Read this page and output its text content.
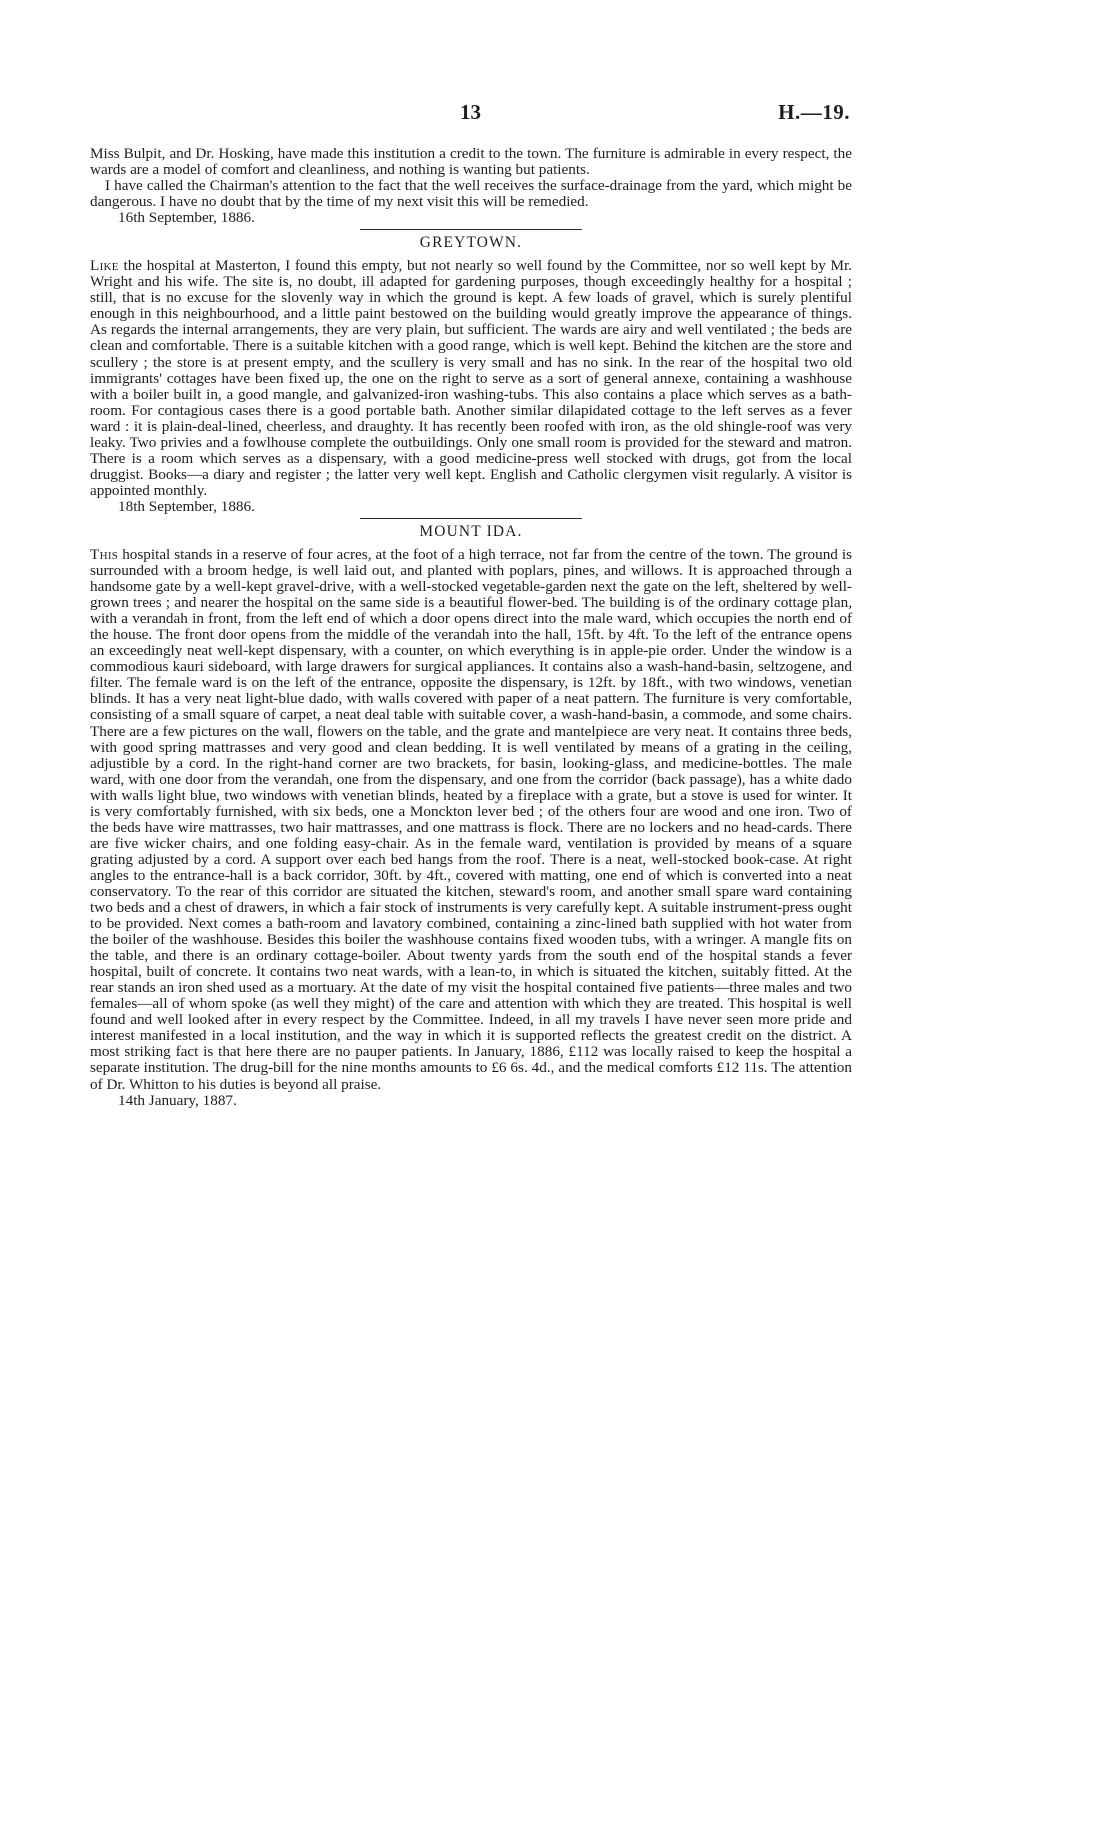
13	H.—19.

Miss Bulpit, and Dr. Hosking, have made this institution a credit to the town. The furniture is admirable in every respect, the wards are a model of comfort and cleanliness, and nothing is wanting but patients.

I have called the Chairman's attention to the fact that the well receives the surface-drainage from the yard, which might be dangerous. I have no doubt that by the time of my next visit this will be remedied.

16th September, 1886.
GREYTOWN.

Like the hospital at Masterton, I found this empty, but not nearly so well found by the Committee, nor so well kept by Mr. Wright and his wife. The site is, no doubt, ill adapted for gardening purposes, though exceedingly healthy for a hospital ; still, that is no excuse for the slovenly way in which the ground is kept. A few loads of gravel, which is surely plentiful enough in this neighbourhood, and a little paint bestowed on the building would greatly improve the appearance of things. As regards the internal arrangements, they are very plain, but sufficient. The wards are airy and well ventilated ; the beds are clean and comfortable. There is a suitable kitchen with a good range, which is well kept. Behind the kitchen are the store and scullery ; the store is at present empty, and the scullery is very small and has no sink. In the rear of the hospital two old immigrants' cottages have been fixed up, the one on the right to serve as a sort of general annexe, containing a washhouse with a boiler built in, a good mangle, and galvanized-iron washing-tubs. This also contains a place which serves as a bath-room. For contagious cases there is a good portable bath. Another similar dilapidated cottage to the left serves as a fever ward : it is plain-deal-lined, cheerless, and draughty. It has recently been roofed with iron, as the old shingle-roof was very leaky. Two privies and a fowlhouse complete the outbuildings. Only one small room is provided for the steward and matron. There is a room which serves as a dispensary, with a good medicine-press well stocked with drugs, got from the local druggist. Books—a diary and register ; the latter very well kept. English and Catholic clergymen visit regularly. A visitor is appointed monthly.

18th September, 1886.
MOUNT IDA.

This hospital stands in a reserve of four acres, at the foot of a high terrace, not far from the centre of the town. The ground is surrounded with a broom hedge, is well laid out, and planted with poplars, pines, and willows. It is approached through a handsome gate by a well-kept gravel-drive, with a well-stocked vegetable-garden next the gate on the left, sheltered by well-grown trees ; and nearer the hospital on the same side is a beautiful flower-bed. The building is of the ordinary cottage plan, with a verandah in front, from the left end of which a door opens direct into the male ward, which occupies the north end of the house. The front door opens from the middle of the verandah into the hall, 15ft. by 4ft. To the left of the entrance opens an exceedingly neat well-kept dispensary, with a counter, on which everything is in apple-pie order. Under the window is a commodious kauri sideboard, with large drawers for surgical appliances. It contains also a wash-hand-basin, seltzogene, and filter. The female ward is on the left of the entrance, opposite the dispensary, is 12ft. by 18ft., with two windows, venetian blinds. It has a very neat light-blue dado, with walls covered with paper of a neat pattern. The furniture is very comfortable, consisting of a small square of carpet, a neat deal table with suitable cover, a wash-hand-basin, a commode, and some chairs. There are a few pictures on the wall, flowers on the table, and the grate and mantelpiece are very neat. It contains three beds, with good spring mattrasses and very good and clean bedding. It is well ventilated by means of a grating in the ceiling, adjustible by a cord. In the right-hand corner are two brackets, for basin, looking-glass, and medicine-bottles. The male ward, with one door from the verandah, one from the dispensary, and one from the corridor (back passage), has a white dado with walls light blue, two windows with venetian blinds, heated by a fireplace with a grate, but a stove is used for winter. It is very comfortably furnished, with six beds, one a Monckton lever bed ; of the others four are wood and one iron. Two of the beds have wire mattrasses, two hair mattrasses, and one mattrass is flock. There are no lockers and no head-cards. There are five wicker chairs, and one folding easy-chair. As in the female ward, ventilation is provided by means of a square grating adjusted by a cord. A support over each bed hangs from the roof. There is a neat, well-stocked book-case. At right angles to the entrance-hall is a back corridor, 30ft. by 4ft., covered with matting, one end of which is converted into a neat conservatory. To the rear of this corridor are situated the kitchen, steward's room, and another small spare ward containing two beds and a chest of drawers, in which a fair stock of instruments is very carefully kept. A suitable instrument-press ought to be provided. Next comes a bath-room and lavatory combined, containing a zinc-lined bath supplied with hot water from the boiler of the washhouse. Besides this boiler the washhouse contains fixed wooden tubs, with a wringer. A mangle fits on the table, and there is an ordinary cottage-boiler. About twenty yards from the south end of the hospital stands a fever hospital, built of concrete. It contains two neat wards, with a lean-to, in which is situated the kitchen, suitably fitted. At the rear stands an iron shed used as a mortuary. At the date of my visit the hospital contained five patients—three males and two females—all of whom spoke (as well they might) of the care and attention with which they are treated. This hospital is well found and well looked after in every respect by the Committee. Indeed, in all my travels I have never seen more pride and interest manifested in a local institution, and the way in which it is supported reflects the greatest credit on the district. A most striking fact is that here there are no pauper patients. In January, 1886, £112 was locally raised to keep the hospital a separate institution. The drug-bill for the nine months amounts to £6 6s. 4d., and the medical comforts £12 11s. The attention of Dr. Whitton to his duties is beyond all praise.

14th January, 1887.
